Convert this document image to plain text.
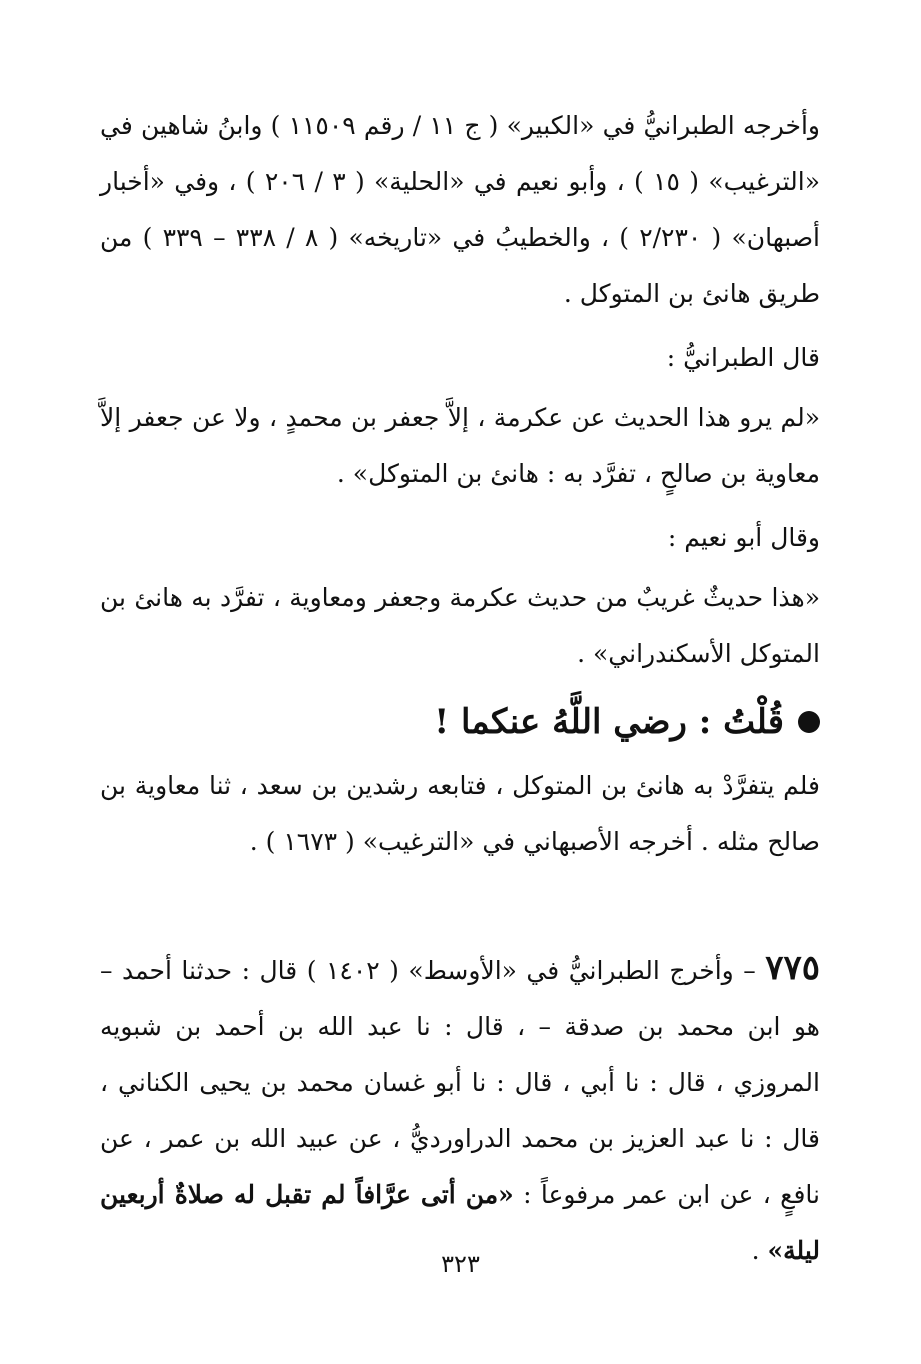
وأخرجه الطبرانيُّ في «الكبير» ( ج ١١ / رقم ١١٥٠٩ ) وابنُ شاهين في «الترغيب» ( ١٥ ) ، وأبو نعيم في «الحلية» ( ٣ / ٢٠٦ ) ، وفي «أخبار أصبهان» ( ٢/٢٣٠ ) ، والخطيبُ في «تاريخه» ( ٨ / ٣٣٨ – ٣٣٩ ) من طريق هانئ بن المتوكل .

قال الطبرانيُّ :

«لم يرو هذا الحديث عن عكرمة ، إلاَّ جعفر بن محمدٍ ، ولا عن جعفر إلاَّ معاوية بن صالحٍ ، تفرَّد به : هانئ بن المتوكل» .

وقال أبو نعيم :

«هذا حديثٌ غريبٌ من حديث عكرمة وجعفر ومعاوية ، تفرَّد به هانئ بن المتوكل الأسكندراني» .

قُلْتُ : رضي اللَّهُ عنكما !

فلم يتفرَّدْ به هانئ بن المتوكل ، فتابعه رشدين بن سعد ، ثنا معاوية بن صالح مثله . أخرجه الأصبهاني في «الترغيب» ( ١٦٧٣ ) .

٧٧٥ – وأخرج الطبرانيُّ في «الأوسط» ( ١٤٠٢ ) قال : حدثنا أحمد – هو ابن محمد بن صدقة – ، قال : نا عبد الله بن أحمد بن شبويه المروزي ، قال : نا أبي ، قال : نا أبو غسان محمد بن يحيى الكناني ، قال : نا عبد العزيز بن محمد الدراورديُّ ، عن عبيد الله بن عمر ، عن نافعٍ ، عن ابن عمر مرفوعاً : «من أتى عرَّافاً لم تقبل له صلاةٌ أربعين ليلة» .

٣٢٣
